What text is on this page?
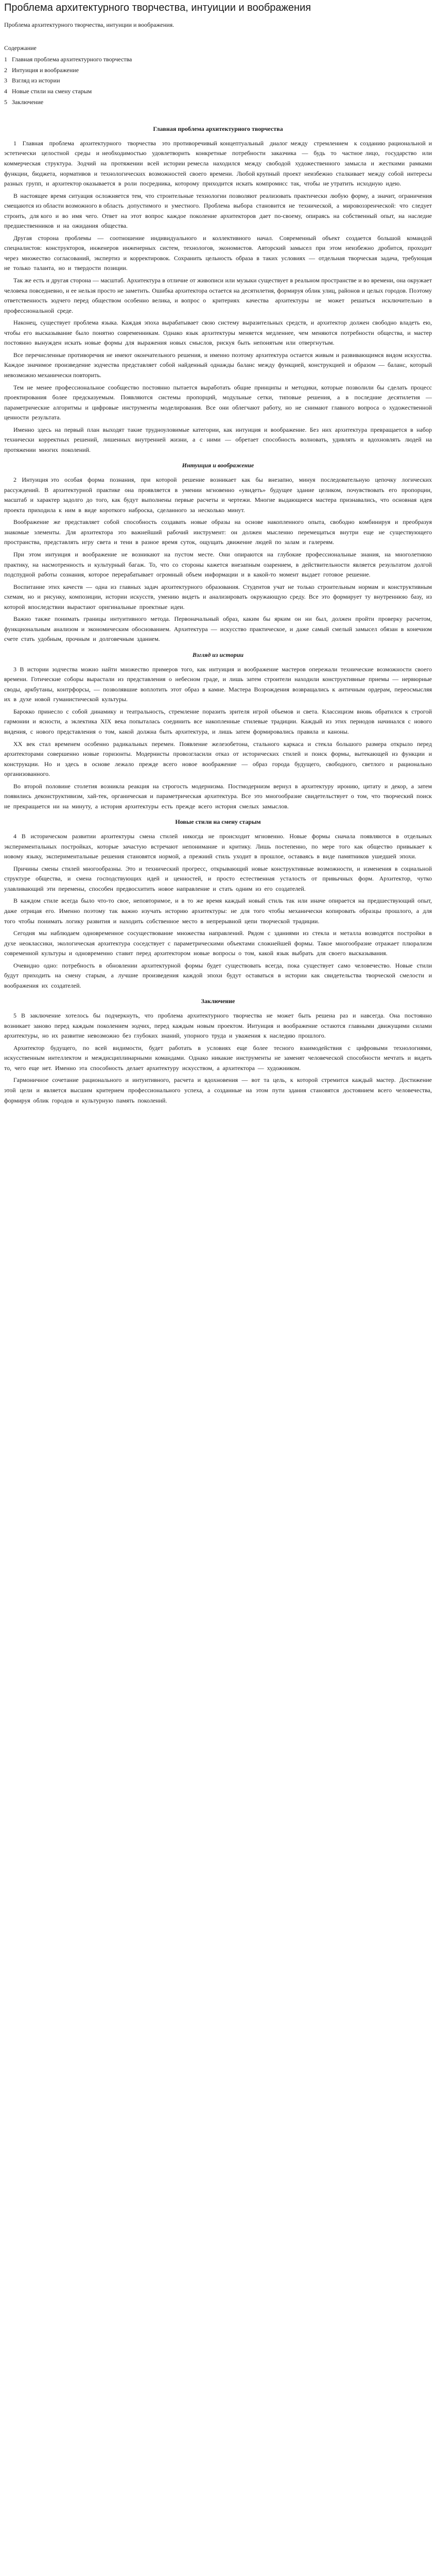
Проблема архитектурного творчества, интуиции и воображения

Проблема архитектурного творчества, интуиции и воображения.

Содержание
1 Главная проблема архитектурного творчества
2 Интуиция и воображение
3 Взгляд из истории
4 Новые стили на смену старым
5 Заключение
Главная проблема архитектурного творчества

1  Главная  проблема  архитектурного  творчества  это противоречивый концептуальный  диалог между  стремлением  к созданию рациональной и эстетически  целостной  среды  и необходимостью  удовлетворить  конкретные  потребности  заказчика  —  будь  то  частное лицо,  государство  или  коммерческая  структура.  Зодчий  на  протяжении  всей  истории ремесла  находился  между  свободой  художественного  замысла  и  жесткими  рамками функции,  бюджета,  нормативов  и  технологических  возможностей  своего  времени.  Любой крупный  проект  неизбежно  сталкивает  между  собой  интересы  разных  групп,  и  архитектор оказывается  в  роли  посредника,  которому  приходится  искать  компромисс  так,  чтобы  не утратить  исходную  идею.

В настоящее время ситуация осложняется тем, что строительные технологии позволяют реализовать практически любую форму, а значит, ограничения смещаются из области возможного в область  допустимого  и  уместного.  Проблема  выбора  становится  не  технической,  а  мировоззренческой:  что  следует  строить,  для кого  и  во  имя  чего.  Ответ  на  этот  вопрос  каждое  поколение  архитекторов  дает  по-своему,  опираясь  на  собственный  опыт,  на  наследие  предшественников  и  на  ожидания  общества.

Другая  сторона  проблемы  —  соотношение  индивидуального  и  коллективного  начал.  Современный  объект  создается  большой  командой  специалистов:  конструкторов,  инженеров  инженерных  систем,  технологов,  экономистов.  Авторский  замысел  при  этом  неизбежно  дробится,  проходит  через  множество  согласований,  экспертиз  и  корректировок.  Сохранить  цельность  образа  в  таких  условиях  —  отдельная  творческая  задача,  требующая  не  только  таланта,  но  и  твердости  позиции.

Так же есть и другая сторона — масштаб. Архитектура в отличие от живописи или музыки существует в реальном пространстве и во времени, она окружает человека повседневно, и ее нельзя просто не заметить. Ошибка архитектора остается на десятилетия, формируя облик улиц, районов и целых городов. Поэтому ответственность зодчего перед обществом особенно велика, и вопрос о  критериях  качества  архитектуры  не  может  решаться  исключительно  в  профессиональной  среде.

Наконец,  существует  проблема  языка.  Каждая  эпоха  вырабатывает  свою  систему  выразительных  средств,  и  архитектор  должен  свободно  владеть  ею,  чтобы  его  высказывание  было  понятно  современникам.  Однако  язык  архитектуры  меняется  медленнее,  чем  меняются  потребности  общества,  и  мастер  постоянно  вынужден  искать  новые  формы  для  выражения  новых  смыслов,  рискуя  быть  непонятым  или  отвергнутым.

Все перечисленные противоречия не имеют окончательного решения, и именно поэтому архитектура остается живым и развивающимся видом искусства. Каждое значимое произведение зодчества представляет собой найденный однажды баланс между функцией, конструкцией и образом — баланс, который невозможно механически повторить.

Тем  не  менее  профессиональное  сообщество  постоянно  пытается  выработать  общие  принципы  и  методики,  которые  позволили  бы  сделать  процесс  проектирования  более  предсказуемым.  Появляются  системы  пропорций,  модульные  сетки,  типовые  решения,  а  в  последние  десятилетия  —  параметрические  алгоритмы  и  цифровые  инструменты  моделирования.  Все  они  облегчают  работу,  но  не  снимают  главного  вопроса  о  художественной  ценности  результата.

Именно  здесь  на  первый  план  выходят  такие  трудноуловимые  категории,  как  интуиция  и  воображение.  Без  них  архитектура  превращается  в  набор  технически  корректных  решений,  лишенных  внутренней  жизни,  а  с  ними  —  обретает  способность  волновать,  удивлять  и  вдохновлять  людей  на  протяжении  многих  поколений.

Интуиция и воображение

2  Интуиция это  особая  форма  познания,  при  которой  решение  возникает  как  бы  внезапно,  минуя  последовательную  цепочку  логических  рассуждений.  В  архитектурной  практике  она  проявляется  в  умении  мгновенно  «увидеть»  будущее  здание  целиком,  почувствовать  его  пропорции,  масштаб  и  характер  задолго  до  того,  как  будут  выполнены  первые  расчеты  и  чертежи.  Многие  выдающиеся  мастера  признавались,  что  основная  идея  проекта  приходила  к  ним  в  виде  короткого  наброска,  сделанного  за  несколько  минут.

Воображение  же  представляет  собой  способность  создавать  новые  образы  на  основе  накопленного  опыта,  свободно  комбинируя  и  преобразуя  знакомые  элементы.  Для  архитектора  это  важнейший  рабочий  инструмент:  он  должен  мысленно  перемещаться  внутри  еще  не  существующего  пространства,  представлять  игру  света  и  тени  в  разное  время  суток,  ощущать  движение  людей  по  залам  и  галереям.

При  этом  интуиция  и  воображение  не  возникают  на  пустом  месте.  Они  опираются  на  глубокие  профессиональные  знания,  на  многолетнюю  практику,  на  насмотренность  и  культурный  багаж.  То,  что  со  стороны  кажется  внезапным  озарением,  в  действительности  является  результатом  долгой  подспудной  работы  сознания,  которое  перерабатывает  огромный  объем  информации  и  в  какой-то  момент  выдает  готовое  решение.

Воспитание  этих  качеств  —  одна  из  главных  задач  архитектурного  образования.  Студентов  учат  не  только  строительным  нормам  и  конструктивным  схемам,  но  и  рисунку,  композиции,  истории  искусств,  умению  видеть  и  анализировать  окружающую  среду.  Все  это  формирует  ту  внутреннюю  базу,  из  которой  впоследствии  вырастают  оригинальные  проектные  идеи.

Важно  также  понимать  границы  интуитивного  метода.  Первоначальный  образ,  каким  бы  ярким  он  ни  был,  должен  пройти  проверку  расчетом,  функциональным  анализом  и  экономическим  обоснованием.  Архитектура  —  искусство  практическое,  и  даже  самый  смелый  замысел  обязан  в  конечном  счете  стать  удобным,  прочным  и  долговечным  зданием.

Взгляд из истории

3  В  истории  зодчества  можно  найти  множество  примеров  того,  как  интуиция  и  воображение  мастеров  опережали  технические  возможности  своего  времени.  Готические  соборы  вырастали  из  представления  о  небесном  граде,  и  лишь  затем  строители  находили  конструктивные  приемы  —  нервюрные  своды,  аркбутаны,  контрфорсы,  —  позволявшие  воплотить  этот  образ  в  камне.  Мастера  Возрождения  возвращались  к  античным  ордерам,  переосмысляя  их  в  духе  новой  гуманистической  культуры.

Барокко  принесло  с  собой  динамику  и  театральность,  стремление  поразить  зрителя  игрой  объемов  и  света.  Классицизм  вновь  обратился  к  строгой  гармонии  и  ясности,  а  эклектика  XIX  века  попыталась  соединить  все  накопленные  стилевые  традиции.  Каждый  из  этих  периодов  начинался  с  нового  видения,  с  нового  представления  о  том,  какой  должна  быть  архитектура,  и  лишь  затем  формировались  правила  и  каноны.

XX  век  стал  временем  особенно  радикальных  перемен.  Появление  железобетона,  стального  каркаса  и  стекла  большого  размера  открыло  перед  архитекторами  совершенно  новые  горизонты.  Модернисты  провозгласили  отказ  от  исторических  стилей  и  поиск  формы,  вытекающей  из  функции  и  конструкции.  Но  и  здесь  в  основе  лежало  прежде  всего  новое  воображение  —  образ  города  будущего,  свободного,  светлого  и  рационально  организованного.

Во  второй  половине  столетия  возникла  реакция  на  строгость  модернизма.  Постмодернизм  вернул  в  архитектуру  иронию,  цитату  и  декор,  а  затем  появились  деконструктивизм,  хай-тек,  органическая  и  параметрическая  архитектура.  Все  это  многообразие  свидетельствует  о  том,  что  творческий  поиск  не  прекращается  ни  на  минуту,  а  история  архитектуры  есть  прежде  всего  история  смелых  замыслов.

Новые стили на смену старым

4  В  историческом  развитии  архитектуры  смена  стилей  никогда  не  происходит  мгновенно.  Новые  формы  сначала  появляются  в  отдельных  экспериментальных  постройках,  которые  зачастую  встречают  непонимание  и  критику.  Лишь  постепенно,  по  мере  того  как  общество  привыкает  к  новому  языку,  экспериментальные  решения  становятся  нормой,  а  прежний  стиль  уходит  в  прошлое,  оставаясь  в  виде  памятников  ушедшей  эпохи.

Причины  смены  стилей  многообразны.  Это  и  технический  прогресс,  открывающий  новые  конструктивные  возможности,  и  изменения  в  социальной  структуре  общества,  и  смена  господствующих  идей  и  ценностей,  и  просто  естественная  усталость  от  привычных  форм.  Архитектор,  чутко  улавливающий  эти  перемены,  способен  предвосхитить  новое  направление  и  стать  одним  из  его  создателей.

В  каждом  стиле  всегда  было  что-то  свое,  неповторимое,  и  в  то  же  время  каждый  новый  стиль  так  или  иначе  опирается  на  предшествующий  опыт,  даже  отрицая  его.  Именно  поэтому  так  важно  изучать  историю  архитектуры:  не  для  того  чтобы  механически  копировать  образцы  прошлого,  а  для  того  чтобы  понимать  логику  развития  и  находить  собственное  место  в  непрерывной  цепи  творческой  традиции.

Сегодня  мы  наблюдаем  одновременное  сосуществование  множества  направлений.  Рядом  с  зданиями  из  стекла  и  металла  возводятся  постройки  в  духе  неоклассики,  экологическая  архитектура  соседствует  с  параметрическими  объектами  сложнейшей  формы.  Такое  многообразие  отражает  плюрализм  современной  культуры  и  одновременно  ставит  перед  архитектором  новые  вопросы  о  том,  какой  язык  выбрать  для  своего  высказывания.

Очевидно  одно:  потребность  в  обновлении  архитектурной  формы  будет  существовать  всегда,  пока  существует  само  человечество.  Новые  стили  будут  приходить  на  смену  старым,  а  лучшие  произведения  каждой  эпохи  будут  оставаться  в  истории  как  свидетельства  творческой  смелости  и  воображения  их  создателей.

Заключение

5  В  заключение  хотелось  бы  подчеркнуть,  что  проблема  архитектурного  творчества  не  может  быть  решена  раз  и  навсегда.  Она  постоянно  возникает  заново  перед  каждым  поколением  зодчих,  перед  каждым  новым  проектом.  Интуиция  и  воображение  остаются  главными  движущими  силами  архитектуры,  но  их  развитие  невозможно  без  глубоких  знаний,  упорного  труда  и  уважения  к  наследию  прошлого.

Архитектор  будущего,  по  всей  видимости,  будет  работать  в  условиях  еще  более  тесного  взаимодействия  с  цифровыми  технологиями,  искусственным  интеллектом  и  междисциплинарными  командами.  Однако  никакие  инструменты  не  заменят  человеческой  способности  мечтать  и  видеть  то,  чего  еще  нет.  Именно  эта  способность  делает  архитектуру  искусством,  а  архитектора  —  художником.

Гармоничное  сочетание  рационального  и  интуитивного,  расчета  и  вдохновения  —  вот  та  цель,  к  которой  стремится  каждый  мастер.  Достижение  этой  цели  и  является  высшим  критерием  профессионального  успеха,  а  созданные  на  этом  пути  здания  становятся  достоянием  всего  человечества,  формируя  облик  городов  и  культурную  память  поколений.
